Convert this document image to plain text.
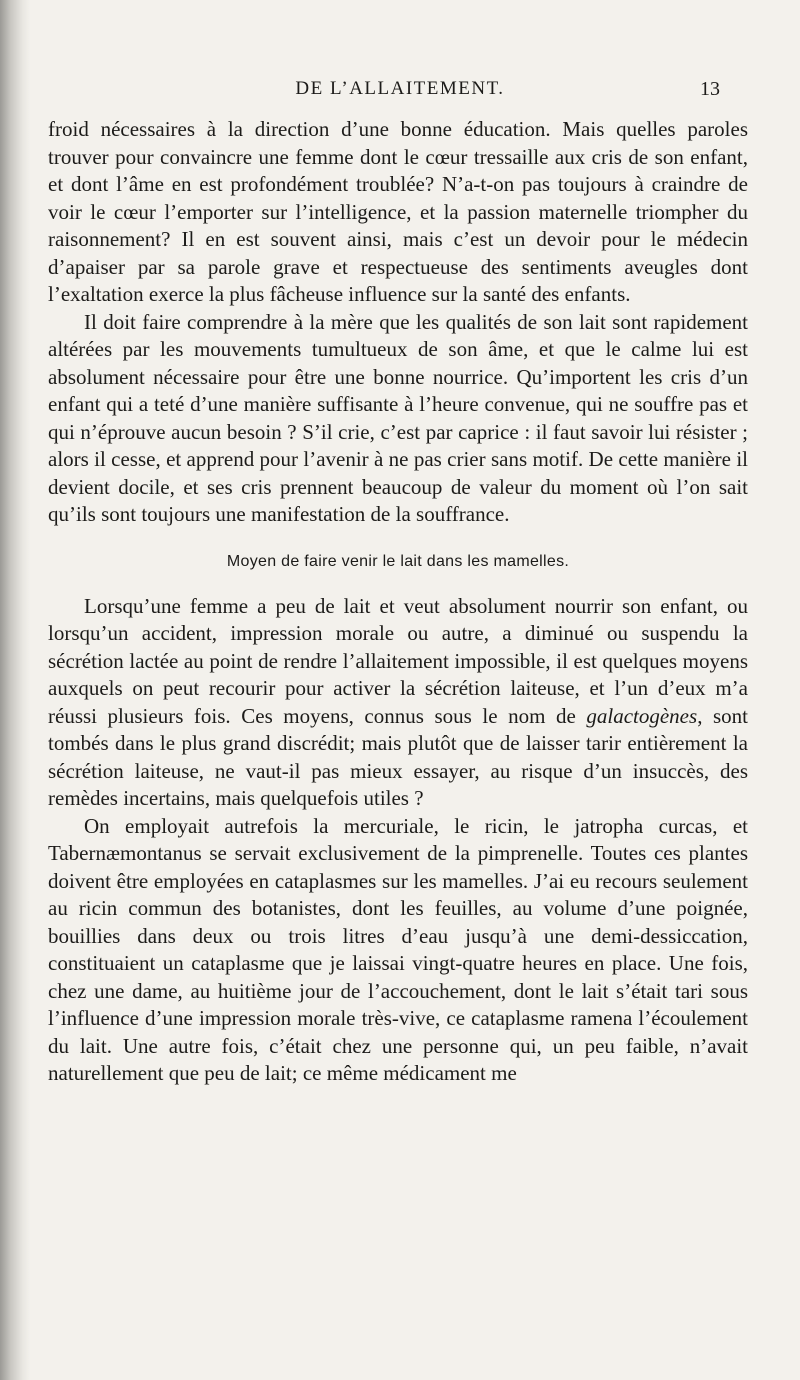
DE L’ALLAITEMENT.	13

froid nécessaires à la direction d’une bonne éducation. Mais quelles paroles trouver pour convaincre une femme dont le cœur tressaille aux cris de son enfant, et dont l’âme en est profondément troublée? N’a-t-on pas toujours à craindre de voir le cœur l’emporter sur l’intelligence, et la passion maternelle triompher du raisonnement? Il en est souvent ainsi, mais c’est un devoir pour le médecin d’apaiser par sa parole grave et respectueuse des sentiments aveugles dont l’exaltation exerce la plus fâcheuse influence sur la santé des enfants.

Il doit faire comprendre à la mère que les qualités de son lait sont rapidement altérées par les mouvements tumultueux de son âme, et que le calme lui est absolument nécessaire pour être une bonne nourrice. Qu’importent les cris d’un enfant qui a teté d’une manière suffisante à l’heure convenue, qui ne souffre pas et qui n’éprouve aucun besoin ? S’il crie, c’est par caprice : il faut savoir lui résister ; alors il cesse, et apprend pour l’avenir à ne pas crier sans motif. De cette manière il devient docile, et ses cris prennent beaucoup de valeur du moment où l’on sait qu’ils sont toujours une manifestation de la souffrance.

Moyen de faire venir le lait dans les mamelles.

Lorsqu’une femme a peu de lait et veut absolument nourrir son enfant, ou lorsqu’un accident, impression morale ou autre, a diminué ou suspendu la sécrétion lactée au point de rendre l’allaitement impossible, il est quelques moyens auxquels on peut recourir pour activer la sécrétion laiteuse, et l’un d’eux m’a réussi plusieurs fois. Ces moyens, connus sous le nom de galactogènes, sont tombés dans le plus grand discrédit; mais plutôt que de laisser tarir entièrement la sécrétion laiteuse, ne vaut-il pas mieux essayer, au risque d’un insuccès, des remèdes incertains, mais quelquefois utiles ?

On employait autrefois la mercuriale, le ricin, le jatropha curcas, et Tabernæmontanus se servait exclusivement de la pimprenelle. Toutes ces plantes doivent être employées en cataplasmes sur les mamelles. J’ai eu recours seulement au ricin commun des botanistes, dont les feuilles, au volume d’une poignée, bouillies dans deux ou trois litres d’eau jusqu’à une demi-dessiccation, constituaient un cataplasme que je laissai vingt-quatre heures en place. Une fois, chez une dame, au huitième jour de l’accouchement, dont le lait s’était tari sous l’influence d’une impression morale très-vive, ce cataplasme ramena l’écoulement du lait. Une autre fois, c’était chez une personne qui, un peu faible, n’avait naturellement que peu de lait; ce même médicament me
